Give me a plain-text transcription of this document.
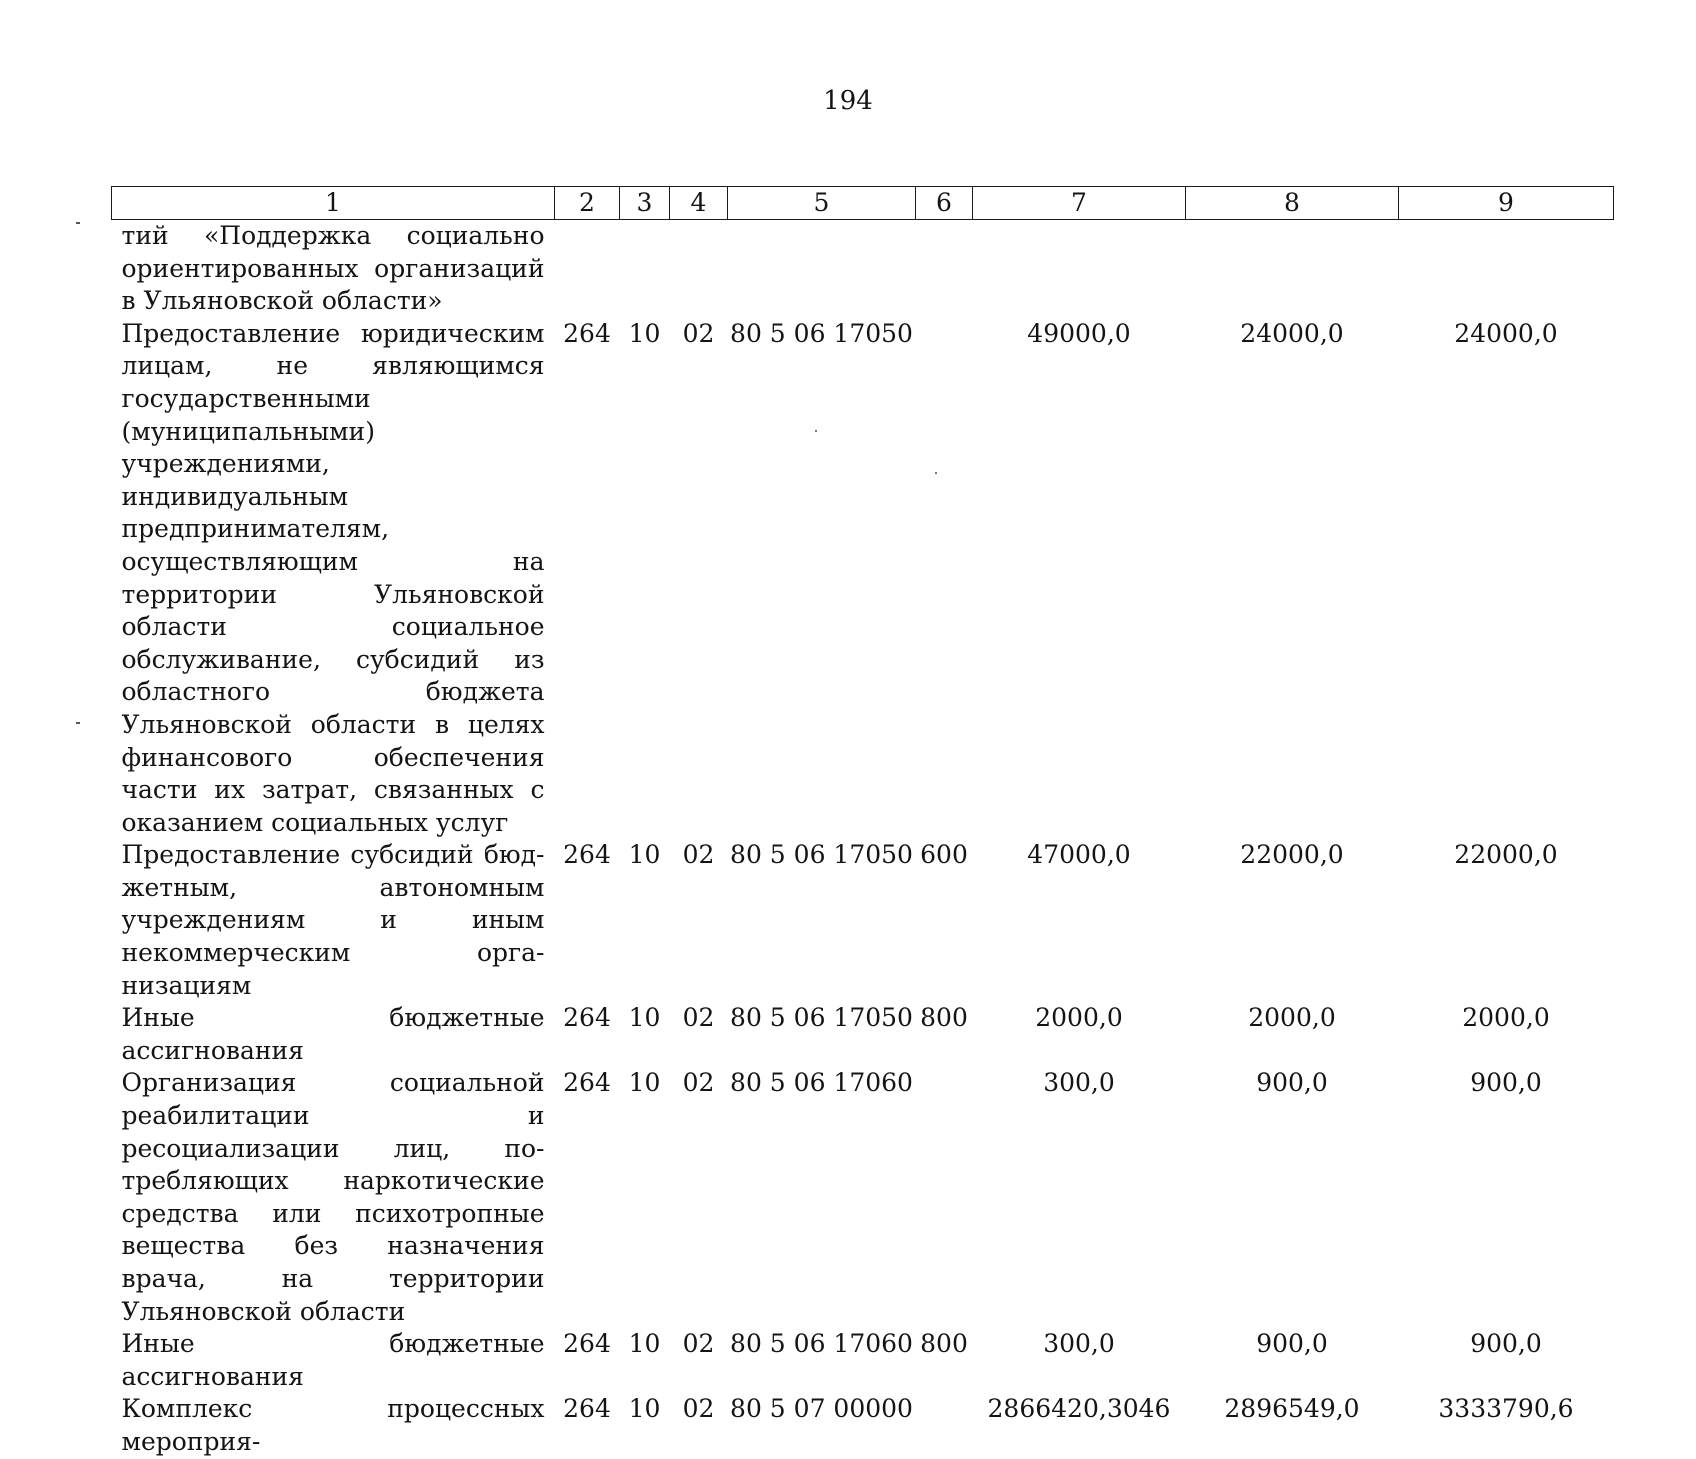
194
1	2	3	4	5	6	7	8	9
тий «Поддержка социально ориентированных организаций в Ульяновской области»								
Предоставление юридическим лицам, не являющимся государственными (муниципальными) учреждениями, индивидуальным предпринимателям, осуществляющим на территории Ульяновской области социальное обслуживание, субсидий из областного бюджета Ульяновской области в целях финансового обеспечения части их затрат, связанных с оказанием социальных услуг	264	10	02	80 5 06 17050		49000,0	24000,0	24000,0
Предоставление субсидий бюджетным, автономным учреждениям и иным некоммерческим организациям	264	10	02	80 5 06 17050	600	47000,0	22000,0	22000,0
Иные бюджетные ассигнования	264	10	02	80 5 06 17050	800	2000,0	2000,0	2000,0
Организация социальной реабилитации и ресоциализации лиц, потребляющих наркотические средства или психотропные вещества без назначения врача, на территории Ульяновской области	264	10	02	80 5 06 17060		300,0	900,0	900,0
Иные бюджетные ассигнования	264	10	02	80 5 06 17060	800	300,0	900,0	900,0
Комплекс процессных мероприя-	264	10	02	80 5 07 00000		2866420,3046	2896549,0	3333790,6
